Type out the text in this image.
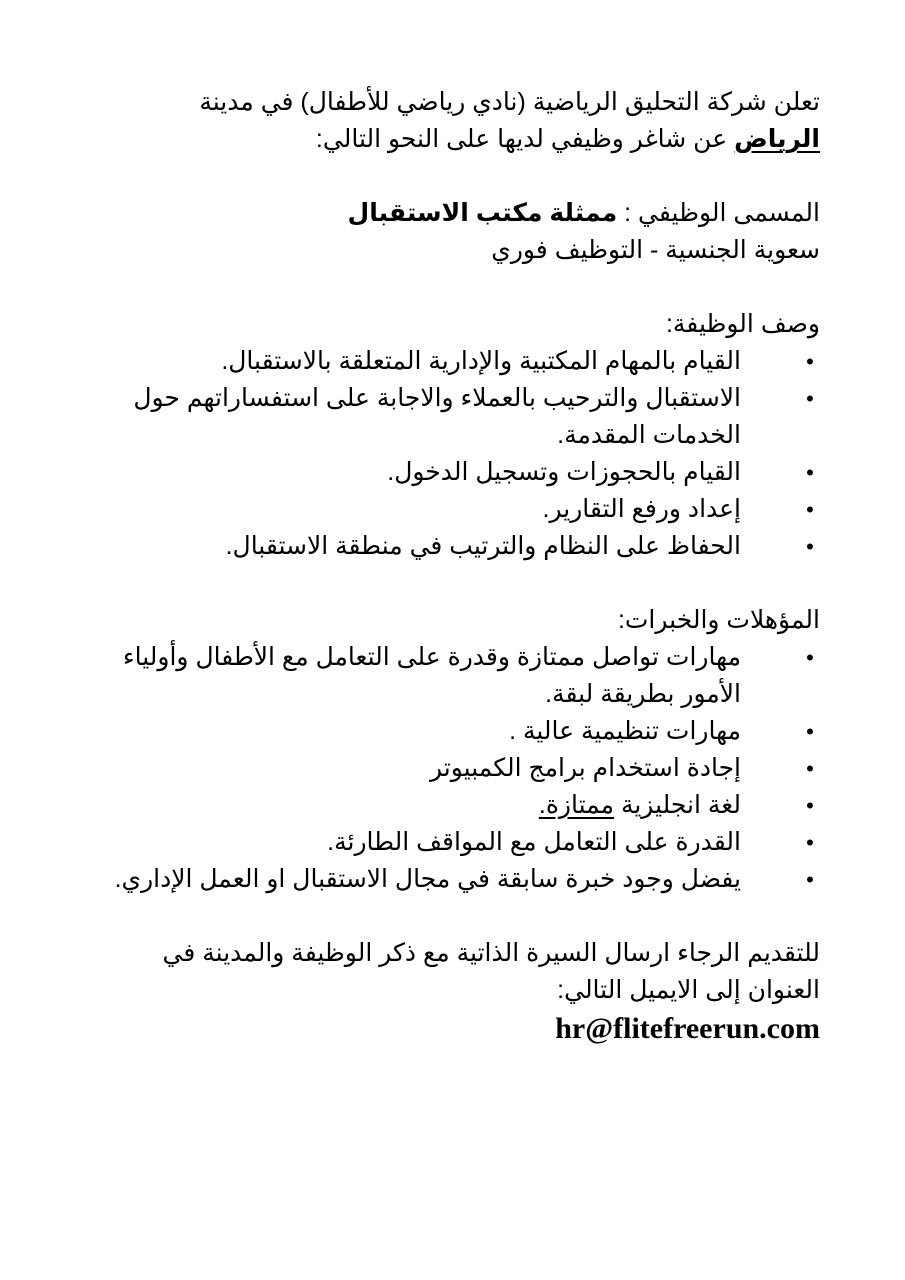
تعلن شركة التحليق الرياضية (نادي رياضي للأطفال) في مدينة

الرياض عن شاغر وظيفي لديها على النحو التالي:

المسمى الوظيفي : ممثلة مكتب الاستقبال

سعوية الجنسية - التوظيف فوري

وصف الوظيفة:

•
القيام بالمهام المكتبية والإدارية المتعلقة بالاستقبال.
•
الاستقبال والترحيب بالعملاء والاجابة على استفساراتهم حول الخدمات المقدمة.
•
القيام بالحجوزات وتسجيل الدخول.
•
إعداد ورفع التقارير.
•
الحفاظ على النظام والترتيب في منطقة الاستقبال.

المؤهلات والخبرات:

•
مهارات تواصل ممتازة وقدرة على التعامل مع الأطفال وأولياء الأمور بطريقة لبقة.
•
مهارات تنظيمية عالية .
•
إجادة استخدام برامج الكمبيوتر
•
لغة انجليزية ممتازة.
•
القدرة على التعامل مع المواقف الطارئة.
•
يفضل وجود خبرة سابقة في مجال الاستقبال او العمل الإداري.

للتقديم الرجاء ارسال السيرة الذاتية مع ذكر الوظيفة والمدينة في

العنوان إلى الايميل التالي:

hr@flitefreerun.com
